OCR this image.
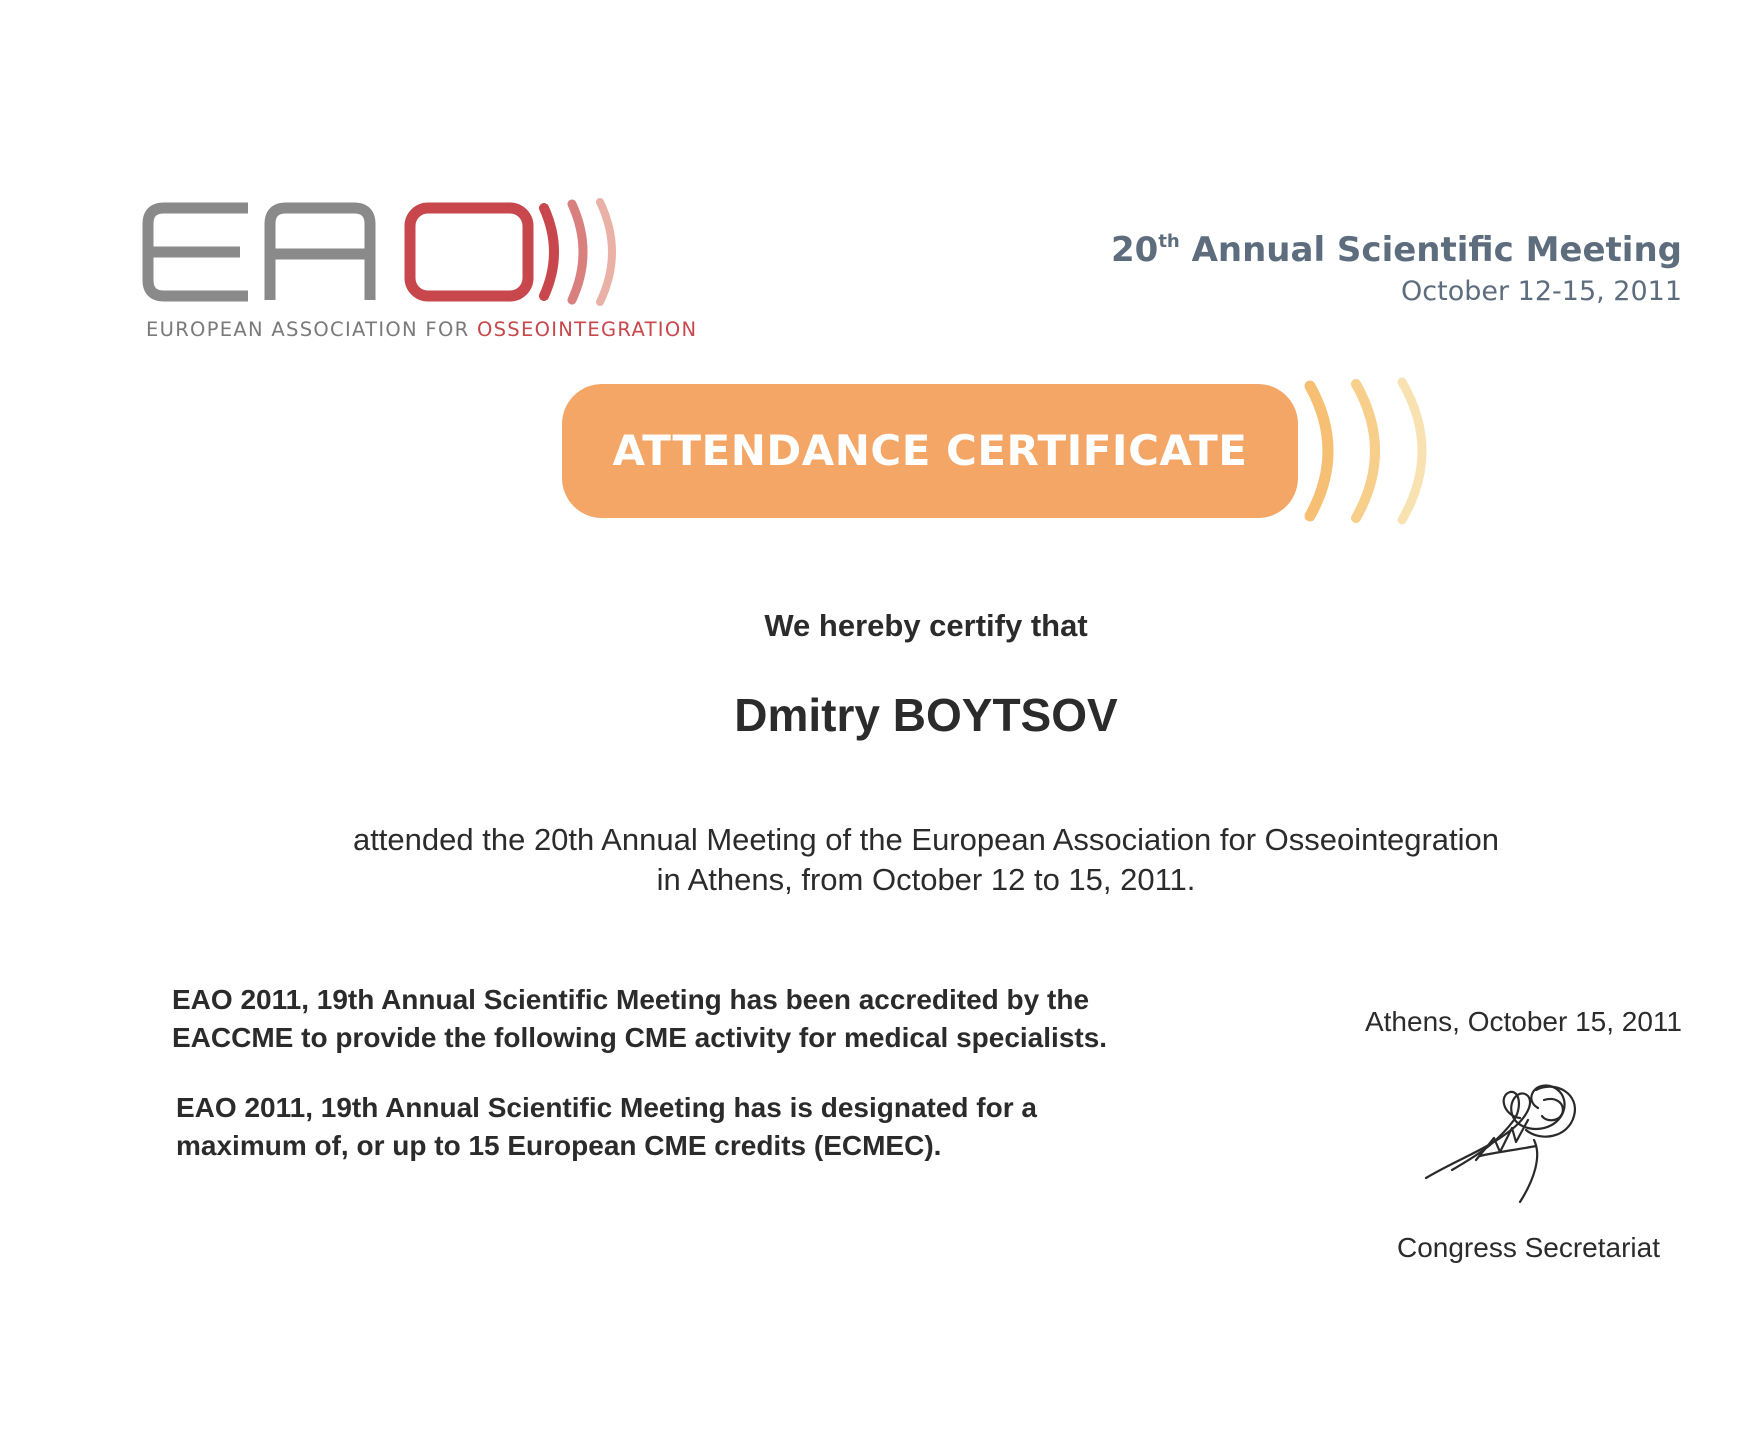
EUROPEAN ASSOCIATION FOR OSSEOINTEGRATION
20th Annual Scientific Meeting
October 12-15, 2011
ATTENDANCE CERTIFICATE
We hereby certify that
Dmitry BOYTSOV
attended the 20th Annual Meeting of the European Association for Osseointegration
in Athens, from October 12 to 15, 2011.
EAO 2011, 19th Annual Scientific Meeting has been accredited by the
EACCME to provide the following CME activity for medical specialists.
EAO 2011, 19th Annual Scientific Meeting has is designated for a
maximum of, or up to 15 European CME credits (ECMEC).
Athens, October 15, 2011
Congress Secretariat
